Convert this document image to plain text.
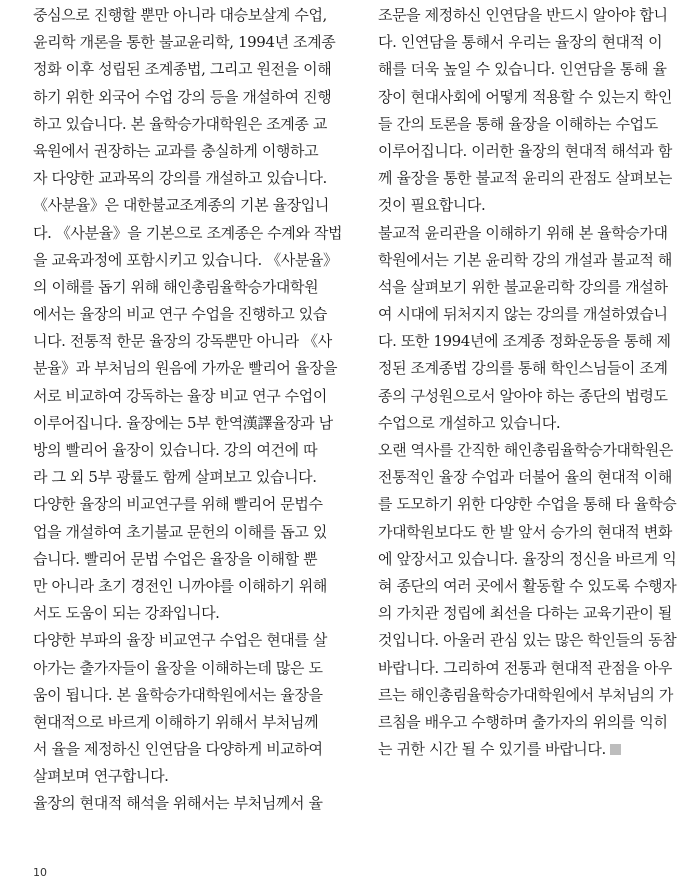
중심으로 진행할 뿐만 아니라 대승보살계 수업,
윤리학 개론을 통한 불교윤리학, 1994년 조계종
정화 이후 성립된 조계종법, 그리고 원전을 이해
하기 위한 외국어 수업 강의 등을 개설하여 진행
하고 있습니다. 본 율학승가대학원은 조계종 교
육원에서 권장하는 교과를 충실하게 이행하고
자 다양한 교과목의 강의를 개설하고 있습니다.
《사분율》은 대한불교조계종의 기본 율장입니
다. 《사분율》을 기본으로 조계종은 수계와 작법
을 교육과정에 포함시키고 있습니다. 《사분율》
의 이해를 돕기 위해 해인총림율학승가대학원
에서는 율장의 비교 연구 수업을 진행하고 있습
니다. 전통적 한문 율장의 강독뿐만 아니라 《사
분율》과 부처님의 원음에 가까운 빨리어 율장을
서로 비교하여 강독하는 율장 비교 연구 수업이
이루어집니다. 율장에는 5부 한역漢譯율장과 남
방의 빨리어 율장이 있습니다. 강의 여건에 따
라 그 외 5부 광률도 함께 살펴보고 있습니다.
다양한 율장의 비교연구를 위해 빨리어 문법수
업을 개설하여 초기불교 문헌의 이해를 돕고 있
습니다. 빨리어 문법 수업은 율장을 이해할 뿐
만 아니라 초기 경전인 니까야를 이해하기 위해
서도 도움이 되는 강좌입니다.
다양한 부파의 율장 비교연구 수업은 현대를 살
아가는 출가자들이 율장을 이해하는데 많은 도
움이 됩니다. 본 율학승가대학원에서는 율장을
현대적으로 바르게 이해하기 위해서 부처님께
서 율을 제정하신 인연담을 다양하게 비교하여
살펴보며 연구합니다.
율장의 현대적 해석을 위해서는 부처님께서 율
조문을 제정하신 인연담을 반드시 알아야 합니
다. 인연담을 통해서 우리는 율장의 현대적 이
해를 더욱 높일 수 있습니다. 인연담을 통해 율
장이 현대사회에 어떻게 적용할 수 있는지 학인
들 간의 토론을 통해 율장을 이해하는 수업도
이루어집니다. 이러한 율장의 현대적 해석과 함
께 율장을 통한 불교적 윤리의 관점도 살펴보는
것이 필요합니다.
불교적 윤리관을 이해하기 위해 본 율학승가대
학원에서는 기본 윤리학 강의 개설과 불교적 해
석을 살펴보기 위한 불교윤리학 강의를 개설하
여 시대에 뒤처지지 않는 강의를 개설하였습니
다. 또한 1994년에 조계종 정화운동을 통해 제
정된 조계종법 강의를 통해 학인스님들이 조계
종의 구성원으로서 알아야 하는 종단의 법령도
수업으로 개설하고 있습니다.
오랜 역사를 간직한 해인총림율학승가대학원은
전통적인 율장 수업과 더불어 율의 현대적 이해
를 도모하기 위한 다양한 수업을 통해 타 율학승
가대학원보다도 한 발 앞서 승가의 현대적 변화
에 앞장서고 있습니다. 율장의 정신을 바르게 익
혀 종단의 여러 곳에서 활동할 수 있도록 수행자
의 가치관 정립에 최선을 다하는 교육기관이 될
것입니다. 아울러 관심 있는 많은 학인들의 동참
바랍니다. 그리하여 전통과 현대적 관점을 아우
르는 해인총림율학승가대학원에서 부처님의 가
르침을 배우고 수행하며 출가자의 위의를 익히
는 귀한 시간 될 수 있기를 바랍니다.
10
